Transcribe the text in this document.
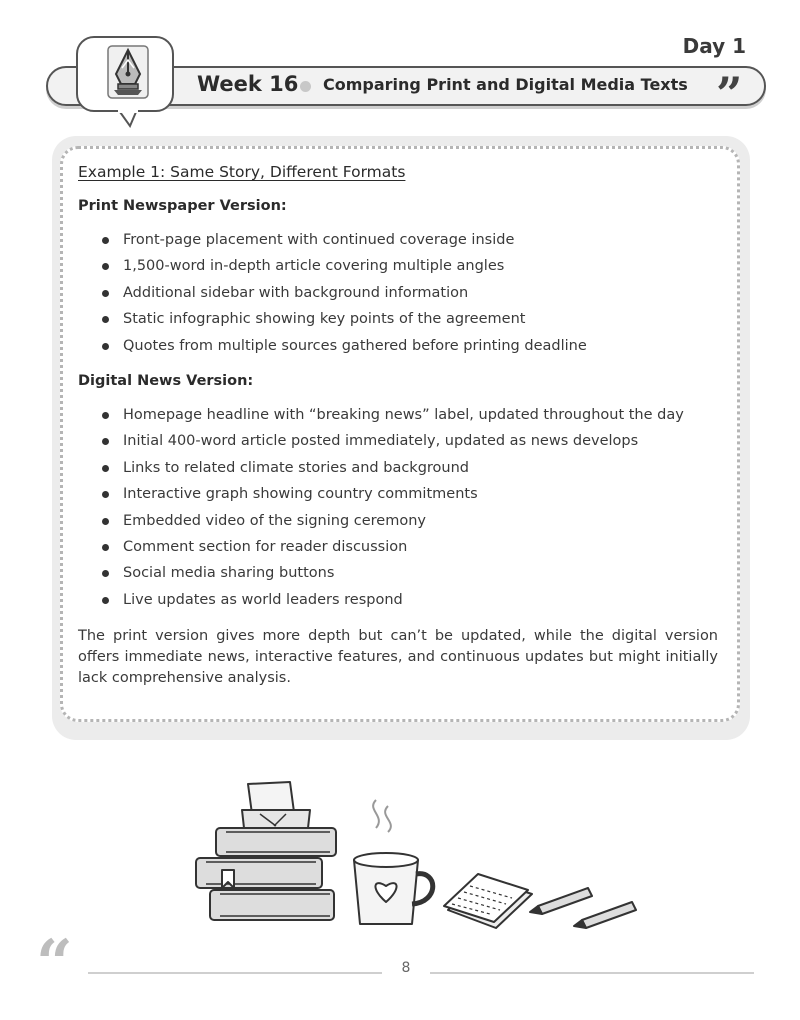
Day 1
Week 16 Comparing Print and Digital Media Texts ”
Example 1: Same Story, Different Formats
Print Newspaper Version:
Front-page placement with continued coverage inside
1,500-word in-depth article covering multiple angles
Additional sidebar with background information
Static infographic showing key points of the agreement
Quotes from multiple sources gathered before printing deadline
Digital News Version:
Homepage headline with “breaking news” label, updated throughout the day
Initial 400-word article posted immediately, updated as news develops
Links to related climate stories and background
Interactive graph showing country commitments
Embedded video of the signing ceremony
Comment section for reader discussion
Social media sharing buttons
Live updates as world leaders respond
The print version gives more depth but can’t be updated, while the digital version offers immediate news, interactive features, and continuous updates but might initially lack comprehensive analysis.
“	8
